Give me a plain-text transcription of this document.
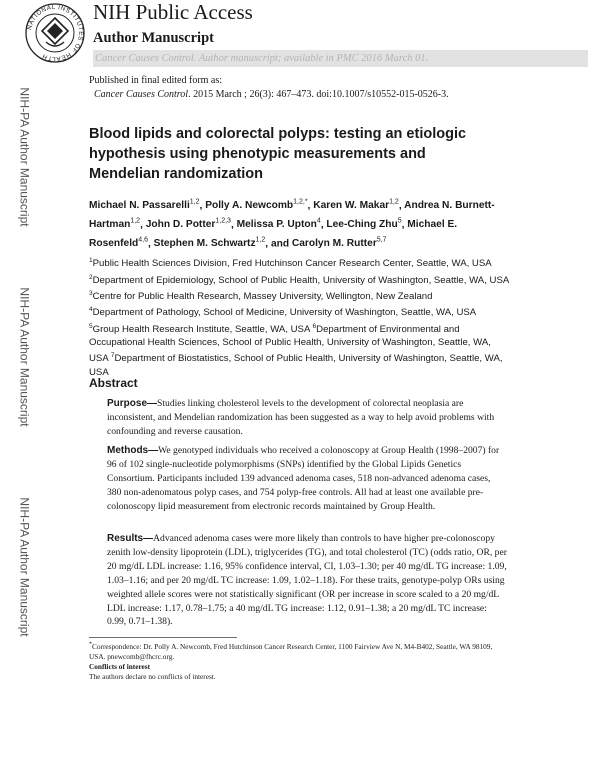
NATIONAL INSTITUTES OF HEALTH
NIH Public Access
Author Manuscript
Cancer Causes Control. Author manuscript; available in PMC 2016 March 01.
Published in final edited form as:
Cancer Causes Control. 2015 March ; 26(3): 467–473. doi:10.1007/s10552-015-0526-3.
NIH-PA Author Manuscript
NIH-PA Author Manuscript
NIH-PA Author Manuscript
Blood lipids and colorectal polyps: testing an etiologic hypothesis using phenotypic measurements and Mendelian randomization
Michael N. Passarelli$^{1,2}$, Polly A. Newcomb$^{1,2,*}$, Karen W. Makar$^{1,2}$, Andrea N. Burnett-Hartman$^{1,2}$, John D. Potter$^{1,2,3}$, Melissa P. Upton$^4$, Lee-Ching Zhu$^5$, Michael E. Rosenfeld$^{4,6}$, Stephen M. Schwartz$^{1,2}$, and Carolyn M. Rutter$^{5,7}$
$^1$Public Health Sciences Division, Fred Hutchinson Cancer Research Center, Seattle, WA, USA
$^2$Department of Epidemiology, School of Public Health, University of Washington, Seattle, WA, USA $^3$Centre for Public Health Research, Massey University, Wellington, New Zealand
$^4$Department of Pathology, School of Medicine, University of Washington, Seattle, WA, USA
$^5$Group Health Research Institute, Seattle, WA, USA $^6$Department of Environmental and Occupational Health Sciences, School of Public Health, University of Washington, Seattle, WA, USA $^7$Department of Biostatistics, School of Public Health, University of Washington, Seattle, WA, USA
Abstract
Purpose—Studies linking cholesterol levels to the development of colorectal neoplasia are inconsistent, and Mendelian randomization has been suggested as a way to help avoid problems with confounding and reverse causation.
Methods—We genotyped individuals who received a colonoscopy at Group Health (1998–2007) for 96 of 102 single-nucleotide polymorphisms (SNPs) identified by the Global Lipids Genetics Consortium. Participants included 139 advanced adenoma cases, 518 non-advanced adenoma cases, 380 non-adenomatous polyp cases, and 754 polyp-free controls. All had at least one available pre-colonoscopy lipid measurement from electronic records maintained by Group Health.
Results—Advanced adenoma cases were more likely than controls to have higher pre-colonoscopy zenith low-density lipoprotein (LDL), triglycerides (TG), and total cholesterol (TC) (odds ratio, OR, per 20 mg/dL LDL increase: 1.16, 95% confidence interval, CI, 1.03–1.30; per 40 mg/dL TG increase: 1.09, 1.03–1.16; and per 20 mg/dL TC increase: 1.09, 1.02–1.18). For these traits, genotype-polyp ORs using weighted allele scores were not statistically significant (OR per increase in score scaled to a 20 mg/dL LDL increase: 1.17, 0.78–1.75; a 40 mg/dL TG increase: 1.12, 0.91–1.38; a 20 mg/dL TC increase: 0.99, 0.71–1.38).
*Correspondence: Dr. Polly A. Newcomb, Fred Hutchinson Cancer Research Center, 1100 Fairview Ave N, M4-B402, Seattle, WA 98109, USA. pnewcomb@fhcrc.org.
Conflicts of interest
The authors declare no conflicts of interest.
